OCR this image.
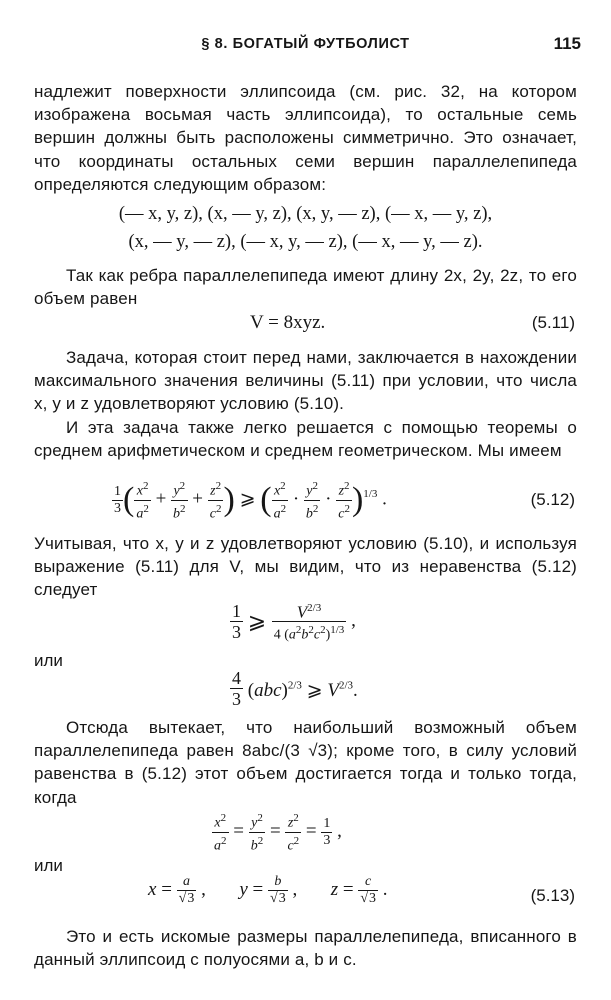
§ 8. БОГАТЫЙ ФУТБОЛИСТ	115
надлежит поверхности эллипсоида (см. рис. 32, на котором изображена восьмая часть эллипсоида), то остальные семь вершин должны быть расположены симметрично. Это означает, что координаты остальных семи вершин параллелепипеда определяются следующим образом:
(— x, y, z), (x, — y, z), (x, y, — z), (— x, — y, z),
(x, — y, — z), (— x, y, — z), (— x, — y, — z).
Так как ребра параллелепипеда имеют длину 2x, 2y, 2z, то его объем равен
V = 8xyz.	(5.11)
Задача, которая стоит перед нами, заключается в нахождении максимального значения величины (5.11) при условии, что числа x, y и z удовлетворяют условию (5.10).
И эта задача также легко решается с помощью теоремы о среднем арифметическом и среднем геометрическом. Мы имеем
$\frac{1}{3}$ ( $\frac{x^2}{a^2} + \frac{y^2}{b^2} + \frac{z^2}{c^2}$ ) ⩾ ( $\frac{x^2}{a^2} \cdot \frac{y^2}{b^2} \cdot \frac{z^2}{c^2} )^{1/3}$ .	(5.12)
Учитывая, что x, y и z удовлетворяют условию (5.10), и используя выражение (5.11) для V, мы видим, что из неравенства (5.12) следует
$\frac{1}{3}$ ⩾ $\frac{V^{2/3}}{4 (a^2b^2c^2)^{1/3}}$ ,
или
$\frac{4}{3} (abc)^{2/3}$ ⩾ $V^{2/3}$.
Отсюда вытекает, что наибольший возможный объем параллелепипеда равен 8abc/(3 √3); кроме того, в силу условий равенства в (5.12) этот объем достигается тогда и только тогда, когда
$\frac{x^2}{a^2} = \frac{y^2}{b^2} = \frac{z^2}{c^2} = \frac{1}{3}$ ,
или
$x = \frac{a}{√3}$ ,  $y = \frac{b}{√3}$ ,  $z = \frac{c}{√3}$ .	(5.13)
Это и есть искомые размеры параллелепипеда, вписанного в данный эллипсоид с полуосями a, b и c.
